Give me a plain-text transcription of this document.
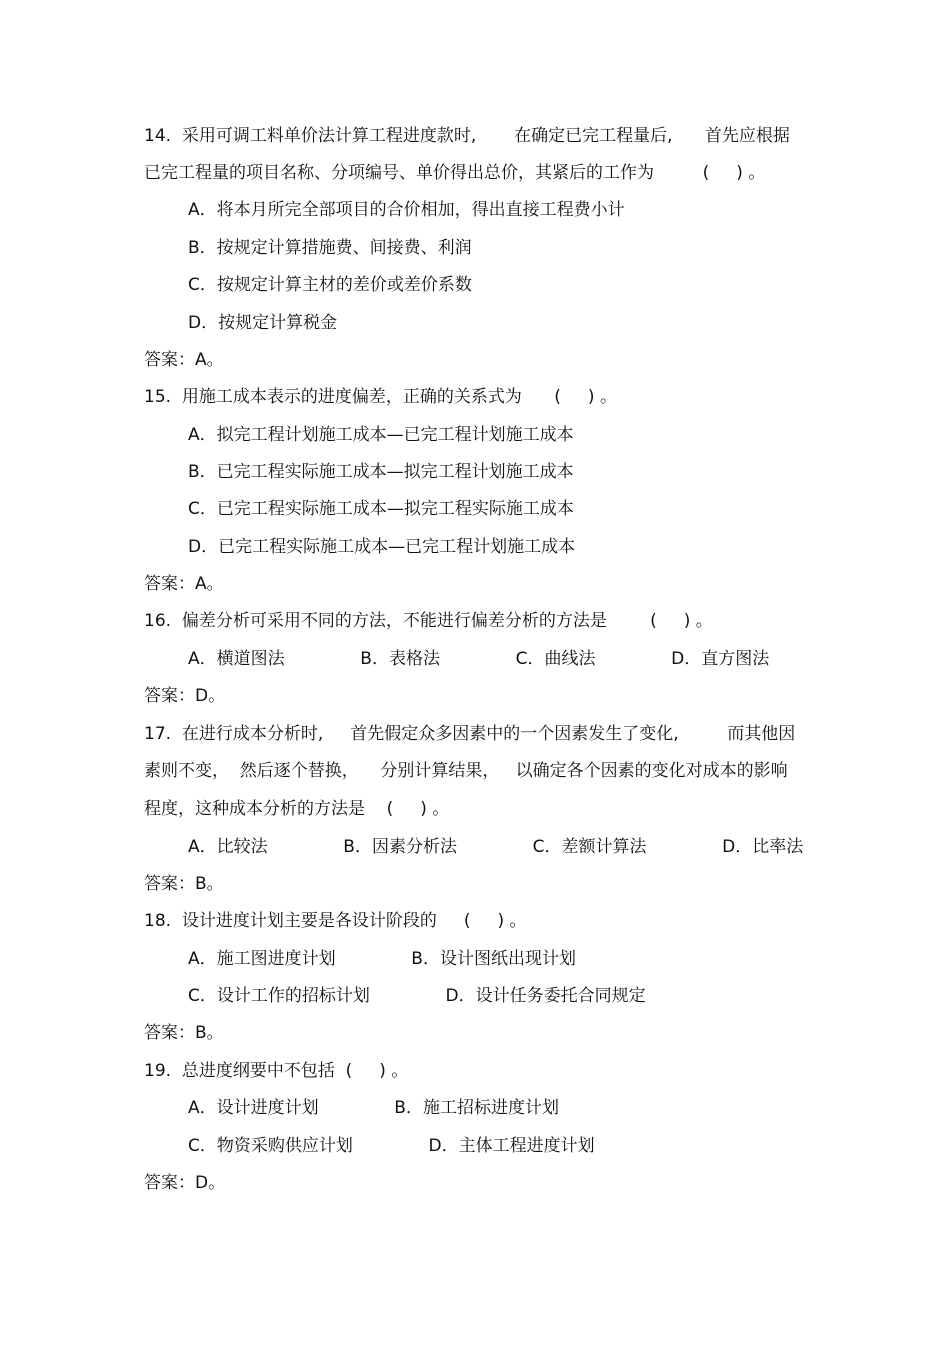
14.  采用可调工料单价法计算工程进度款时,       在确定已完工程量后,      首先应根据

已完工程量的项目名称、分项编号、单价得出总价，其紧后的工作为         (     ) 。

A．将本月所完全部项目的合价相加，得出直接工程费小计

B．按规定计算措施费、间接费、利润

C．按规定计算主材的差价或差价系数

D．按规定计算税金

答案：A。

15.  用施工成本表示的进度偏差，正确的关系式为      (     ) 。

A．拟完工程计划施工成本—已完工程计划施工成本

B．已完工程实际施工成本—拟完工程计划施工成本

C．已完工程实际施工成本—拟完工程实际施工成本

D．已完工程实际施工成本—已完工程计划施工成本

答案：A。

16.  偏差分析可采用不同的方法，不能进行偏差分析的方法是        (     ) 。

A．横道图法              B．表格法              C．曲线法              D．直方图法

答案：D。

17.  在进行成本分析时,     首先假定众多因素中的一个因素发生了变化,         而其他因

素则不变，  然后逐个替换，    分别计算结果，   以确定各个因素的变化对成本的影响

程度，这种成本分析的方法是    (     ) 。

A．比较法              B．因素分析法              C．差额计算法              D．比率法

答案：B。

18.  设计进度计划主要是各设计阶段的     (     ) 。

A．施工图进度计划              B．设计图纸出现计划

C．设计工作的招标计划              D．设计任务委托合同规定

答案：B。

19.  总进度纲要中不包括  (     ) 。

A．设计进度计划              B．施工招标进度计划

C．物资采购供应计划              D．主体工程进度计划

答案：D。
